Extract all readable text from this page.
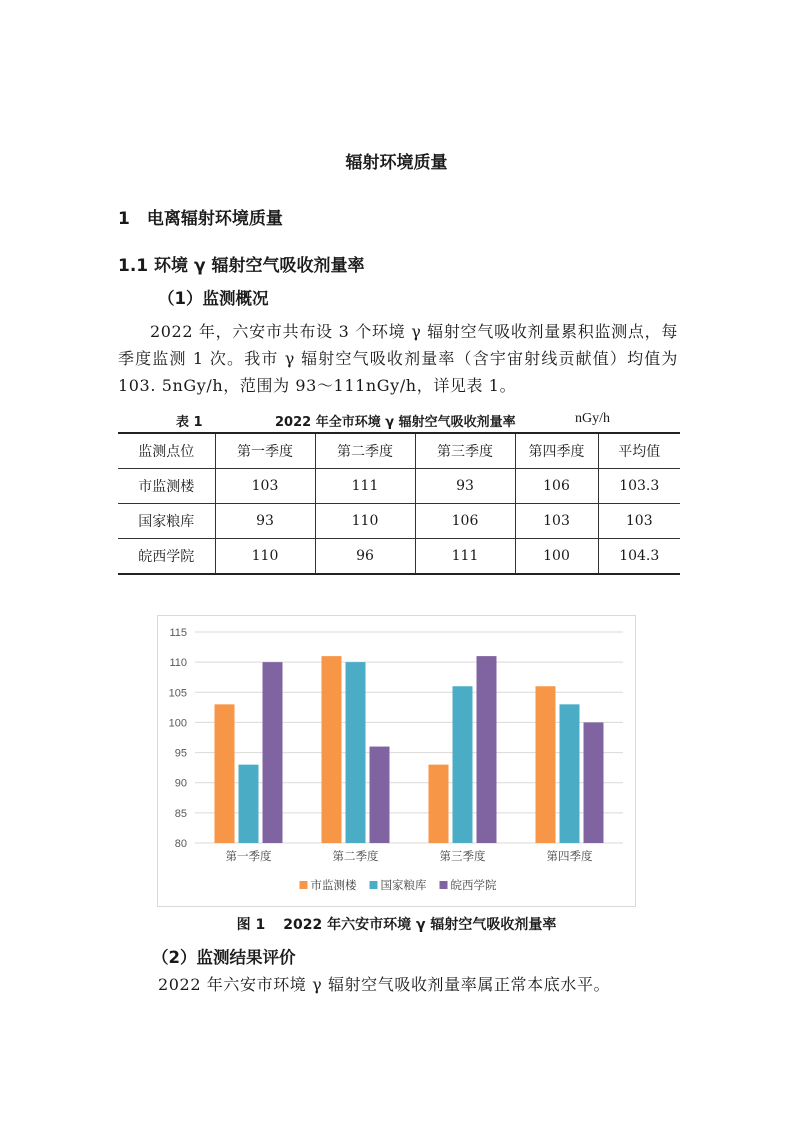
辐射环境质量
1　电离辐射环境质量
1.1 环境 γ 辐射空气吸收剂量率
（1）监测概况
2022 年，六安市共布设 3 个环境 γ 辐射空气吸收剂量累积监测点，每季度监测 1 次。我市 γ 辐射空气吸收剂量率（含宇宙射线贡献值）均值为 103. 5nGy/h，范围为 93～111nGy/h，详见表 1。
表 1	2022 年全市环境 γ 辐射空气吸收剂量率	nGy/h
监测点位	第一季度	第二季度	第三季度	第四季度	平均值
市监测楼	103	111	93	106	103.3
国家粮库	93	110	106	103	103
皖西学院	110	96	111	100	104.3
80
85
90
95
100
105
110
115
第一季度	第二季度	第三季度	第四季度
市监测楼 国家粮库 皖西学院
图 1 2022 年六安市环境 γ 辐射空气吸收剂量率
（2）监测结果评价
2022 年六安市环境 γ 辐射空气吸收剂量率属正常本底水平。
